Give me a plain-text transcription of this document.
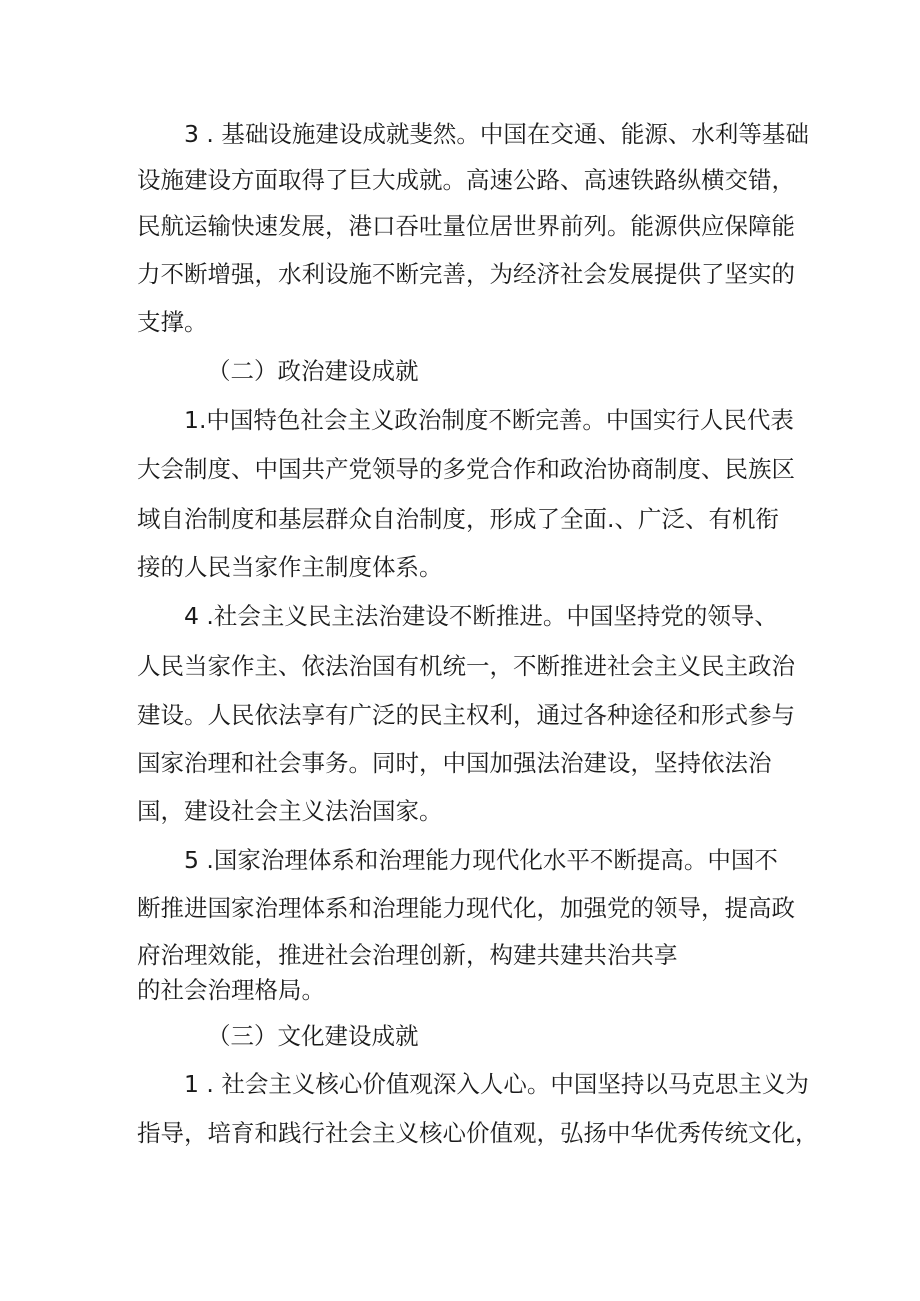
3 . 基础设施建设成就斐然。中国在交通、能源、水利等基础
设施建设方面取得了巨大成就。高速公路、高速铁路纵横交错，
民航运输快速发展，港口吞吐量位居世界前列。能源供应保障能
力不断增强，水利设施不断完善，为经济社会发展提供了坚实的
支撑。
（二）政治建设成就
1.中国特色社会主义政治制度不断完善。中国实行人民代表
大会制度、中国共产党领导的多党合作和政治协商制度、民族区
域自治制度和基层群众自治制度，形成了全面.、广泛、有机衔
接的人民当家作主制度体系。
4 .社会主义民主法治建设不断推进。中国坚持党的领导、
人民当家作主、依法治国有机统一，不断推进社会主义民主政治
建设。人民依法享有广泛的民主权利，通过各种途径和形式参与
国家治理和社会事务。同时，中国加强法治建设，坚持依法治
国，建设社会主义法治国家。
5 .国家治理体系和治理能力现代化水平不断提高。中国不
断推进国家治理体系和治理能力现代化，加强党的领导，提高政
府治理效能，推进社会治理创新，构建共建共治共享
的社会治理格局。
（三）文化建设成就
1 . 社会主义核心价值观深入人心。中国坚持以马克思主义为
指导，培育和践行社会主义核心价值观，弘扬中华优秀传统文化，
